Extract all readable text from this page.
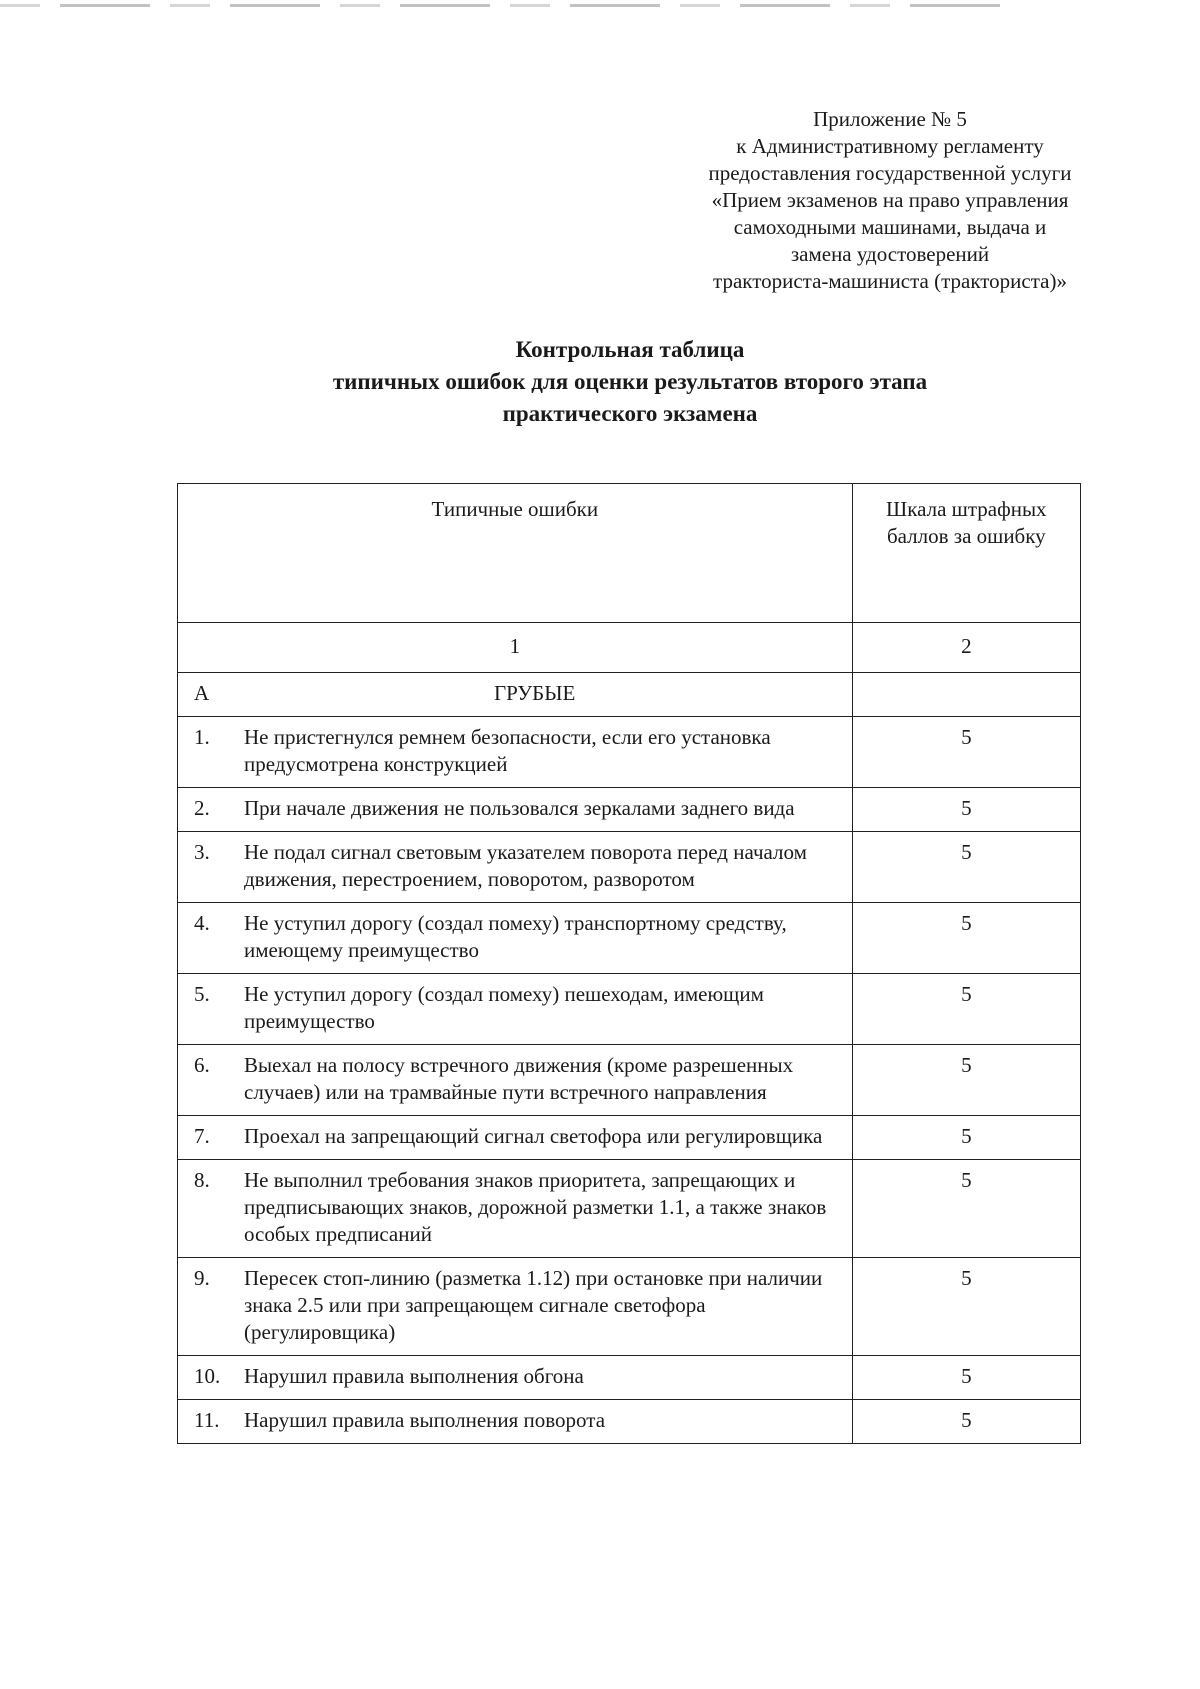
Приложение № 5
к Административному регламенту
предоставления государственной услуги
«Прием экзаменов на право управления
самоходными машинами, выдача и
замена удостоверений
тракториста-машиниста (тракториста)»
Контрольная таблица
типичных ошибок для оценки результатов второго этапа
практического экзамена
Типичные ошибки	Шкала штрафных баллов за ошибку
1	2

А ГРУБЫЕ	

1. Не пристегнулся ремнем безопасности, если его установка предусмотрена конструкцией	5

2. При начале движения не пользовался зеркалами заднего вида	5

3. Не подал сигнал световым указателем поворота перед началом движения, перестроением, поворотом, разворотом	5

4. Не уступил дорогу (создал помеху) транспортному средству, имеющему преимущество	5

5. Не уступил дорогу (создал помеху) пешеходам, имеющим преимущество	5

6. Выехал на полосу встречного движения (кроме разрешенных случаев) или на трамвайные пути встречного направления	5

7. Проехал на запрещающий сигнал светофора или регулировщика	5

8. Не выполнил требования знаков приоритета, запрещающих и предписывающих знаков, дорожной разметки 1.1, а также знаков особых предписаний	5

9. Пересек стоп-линию (разметка 1.12) при остановке при наличии знака 2.5 или при запрещающем сигнале светофора (регулировщика)	5

10. Нарушил правила выполнения обгона	5

11. Нарушил правила выполнения поворота	5
